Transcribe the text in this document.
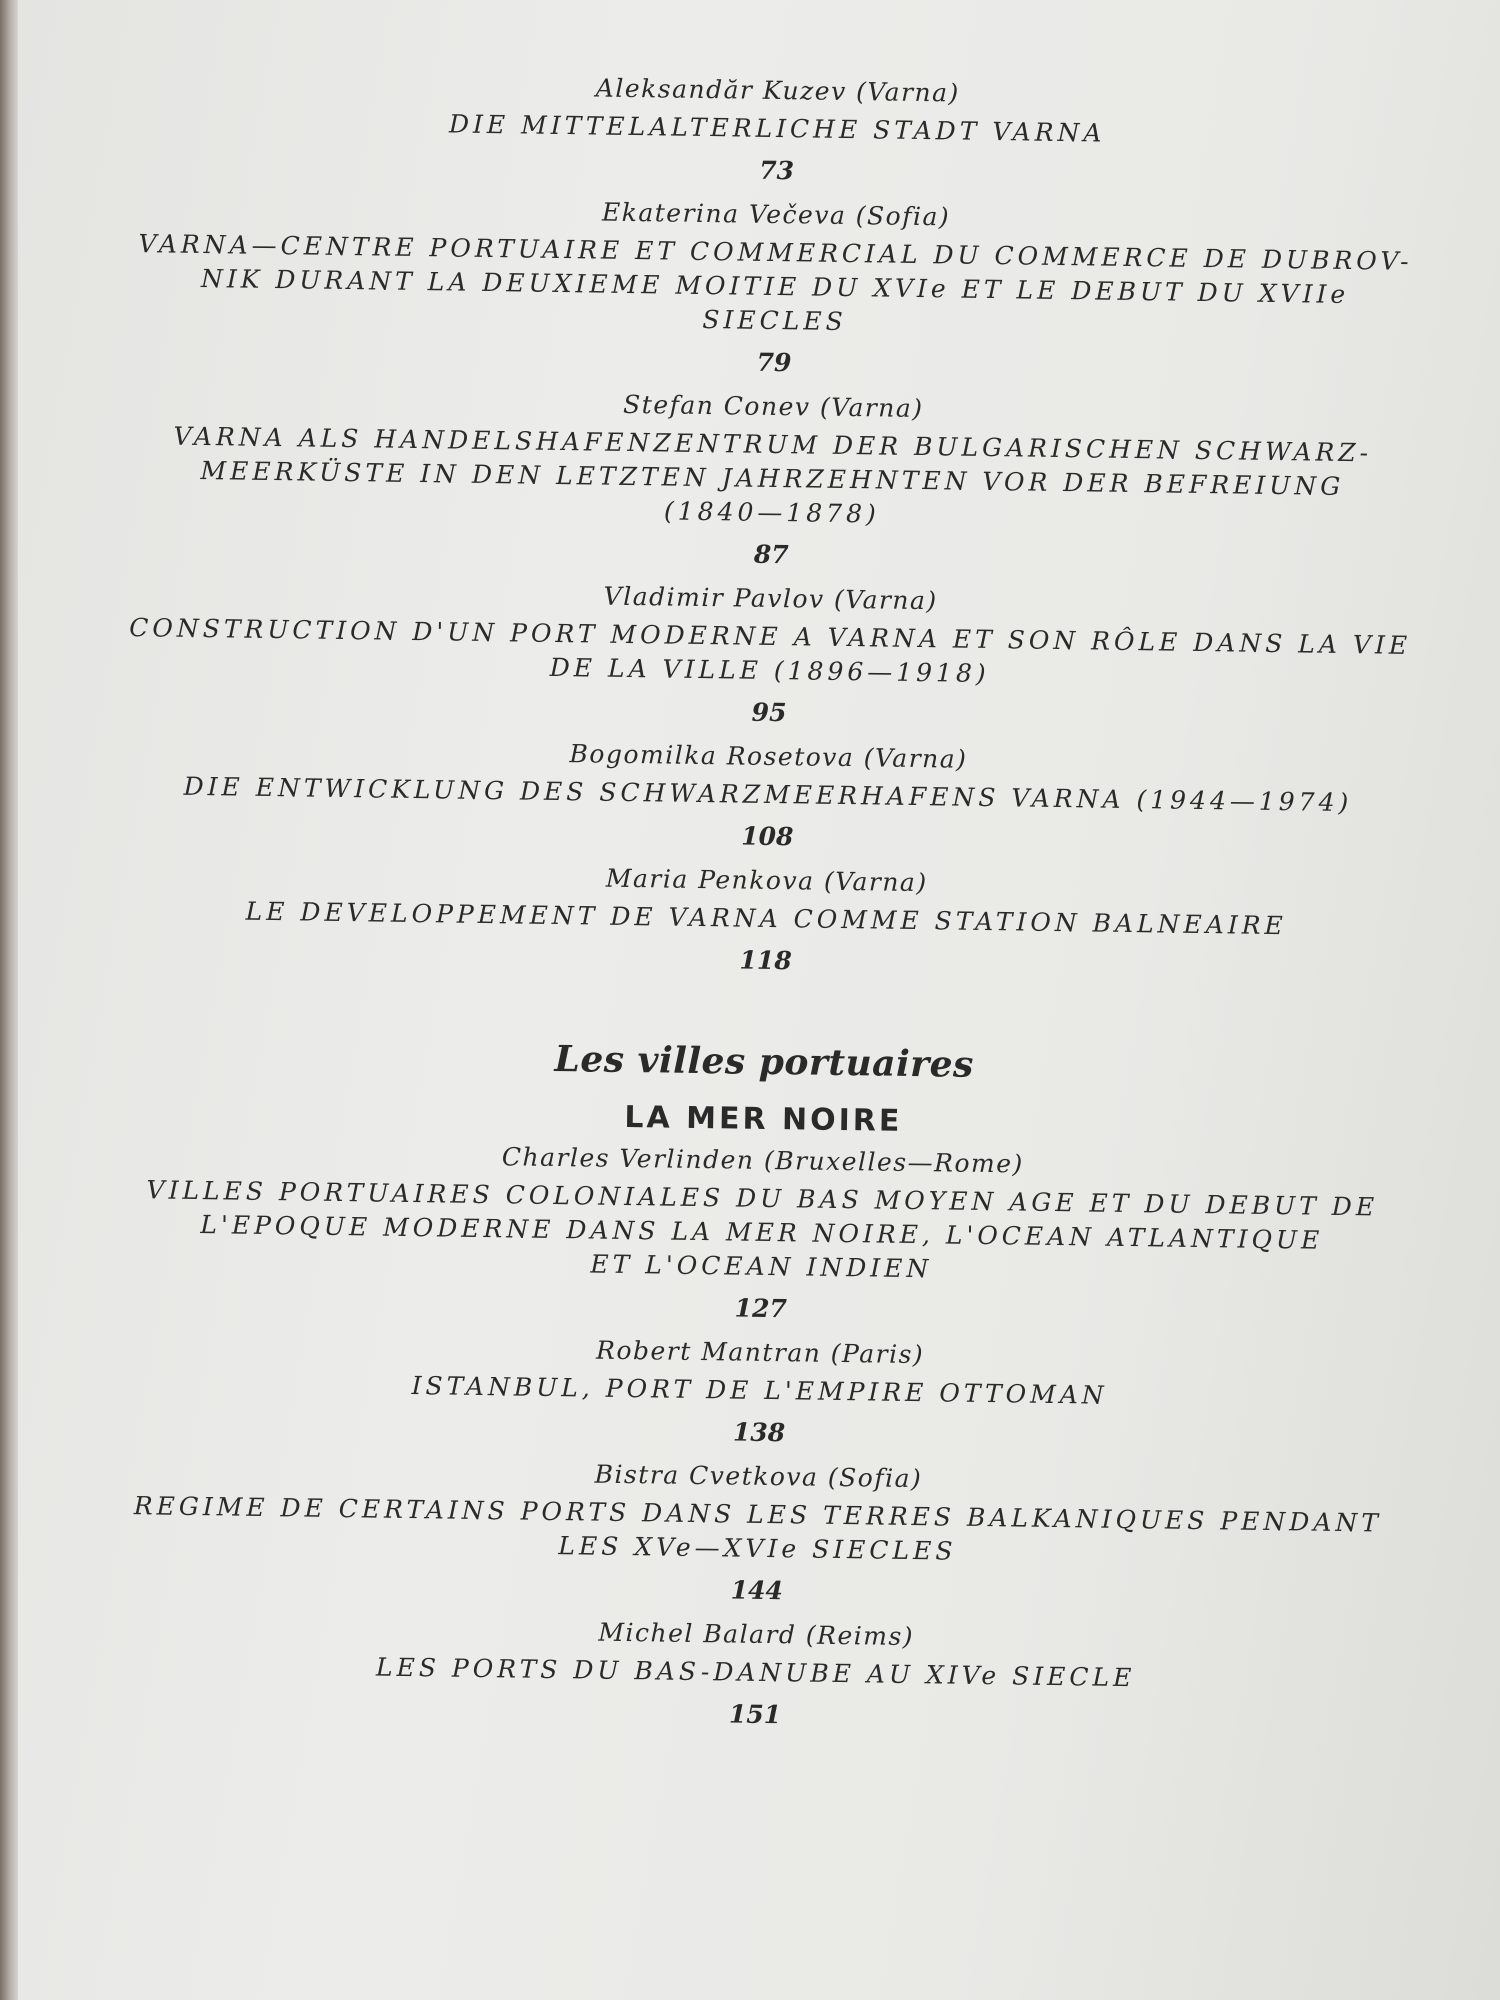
Aleksandăr Kuzev (Varna)

DIE MITTELALTERLICHE STADT VARNA

73

Ekaterina Večeva (Sofia)

VARNA—CENTRE PORTUAIRE ET COMMERCIAL DU COMMERCE DE DUBROV-
NIK DURANT LA DEUXIEME MOITIE DU XVIe ET LE DEBUT DU XVIIe SIECLES

79

Stefan Conev (Varna)

VARNA ALS HANDELSHAFENZENTRUM DER BULGARISCHEN SCHWARZ-
MEERKÜSTE IN DEN LETZTEN JAHRZEHNTEN VOR DER BEFREIUNG
(1840—1878)

87

Vladimir Pavlov (Varna)

CONSTRUCTION D'UN PORT MODERNE A VARNA ET SON RÔLE DANS LA VIE
DE LA VILLE (1896—1918)

95

Bogomilka Rosetova (Varna)

DIE ENTWICKLUNG DES SCHWARZMEERHAFENS VARNA (1944—1974)

108

Maria Penkova (Varna)

LE DEVELOPPEMENT DE VARNA COMME STATION BALNEAIRE

118

Les villes portuaires
LA MER NOIRE

Charles Verlinden (Bruxelles—Rome)

VILLES PORTUAIRES COLONIALES DU BAS MOYEN AGE ET DU DEBUT DE
L'EPOQUE MODERNE DANS LA MER NOIRE, L'OCEAN ATLANTIQUE
ET L'OCEAN INDIEN

127

Robert Mantran (Paris)

ISTANBUL, PORT DE L'EMPIRE OTTOMAN

138

Bistra Cvetkova (Sofia)

REGIME DE CERTAINS PORTS DANS LES TERRES BALKANIQUES PENDANT
LES XVe—XVIe SIECLES

144

Michel Balard (Reims)

LES PORTS DU BAS-DANUBE AU XIVe SIECLE

151
